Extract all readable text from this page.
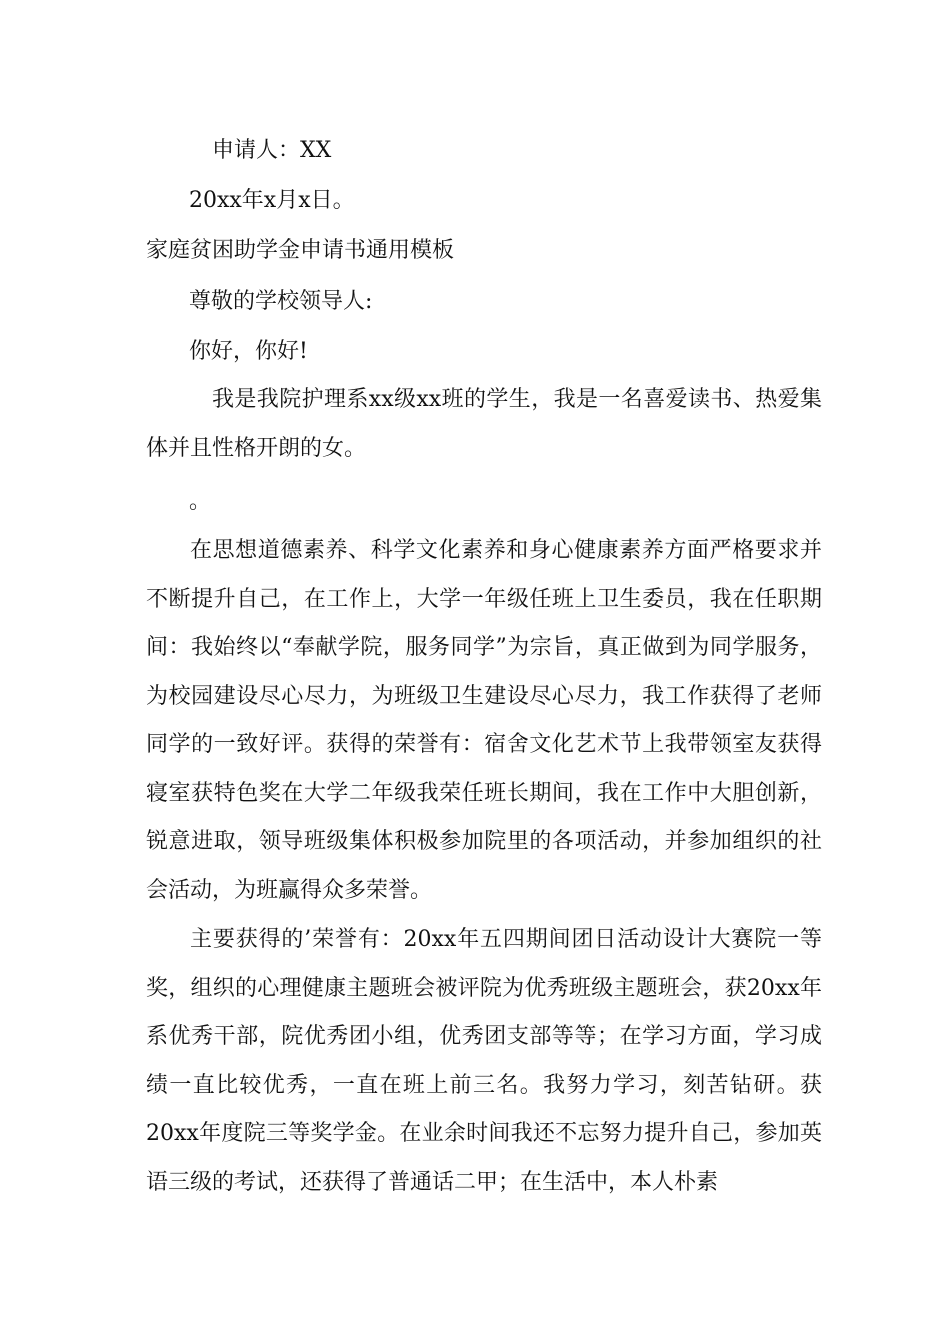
申请人：XX
20xx年x月x日。
家庭贫困助学金申请书通用模板
尊敬的学校领导人:
你好，你好!
我是我院护理系xx级xx班的学生，我是一名喜爱读书、热爱集体并且性格开朗的女。
。
在思想道德素养、科学文化素养和身心健康素养方面严格要求并不断提升自己，在工作上，大学一年级任班上卫生委员，我在任职期间：我始终以“奉献学院，服务同学”为宗旨，真正做到为同学服务，为校园建设尽心尽力，为班级卫生建设尽心尽力，我工作获得了老师同学的一致好评。获得的荣誉有：宿舍文化艺术节上我带领室友获得寝室获特色奖在大学二年级我荣任班长期间，我在工作中大胆创新，锐意进取，领导班级集体积极参加院里的各项活动，并参加组织的社会活动，为班赢得众多荣誉。
主要获得的’荣誉有：20xx年五四期间团日活动设计大赛院一等奖，组织的心理健康主题班会被评院为优秀班级主题班会，获20xx年系优秀干部，院优秀团小组，优秀团支部等等；在学习方面，学习成绩一直比较优秀，一直在班上前三名。我努力学习，刻苦钻研。获20xx年度院三等奖学金。在业余时间我还不忘努力提升自己，参加英语三级的考试，还获得了普通话二甲；在生活中，本人朴素
